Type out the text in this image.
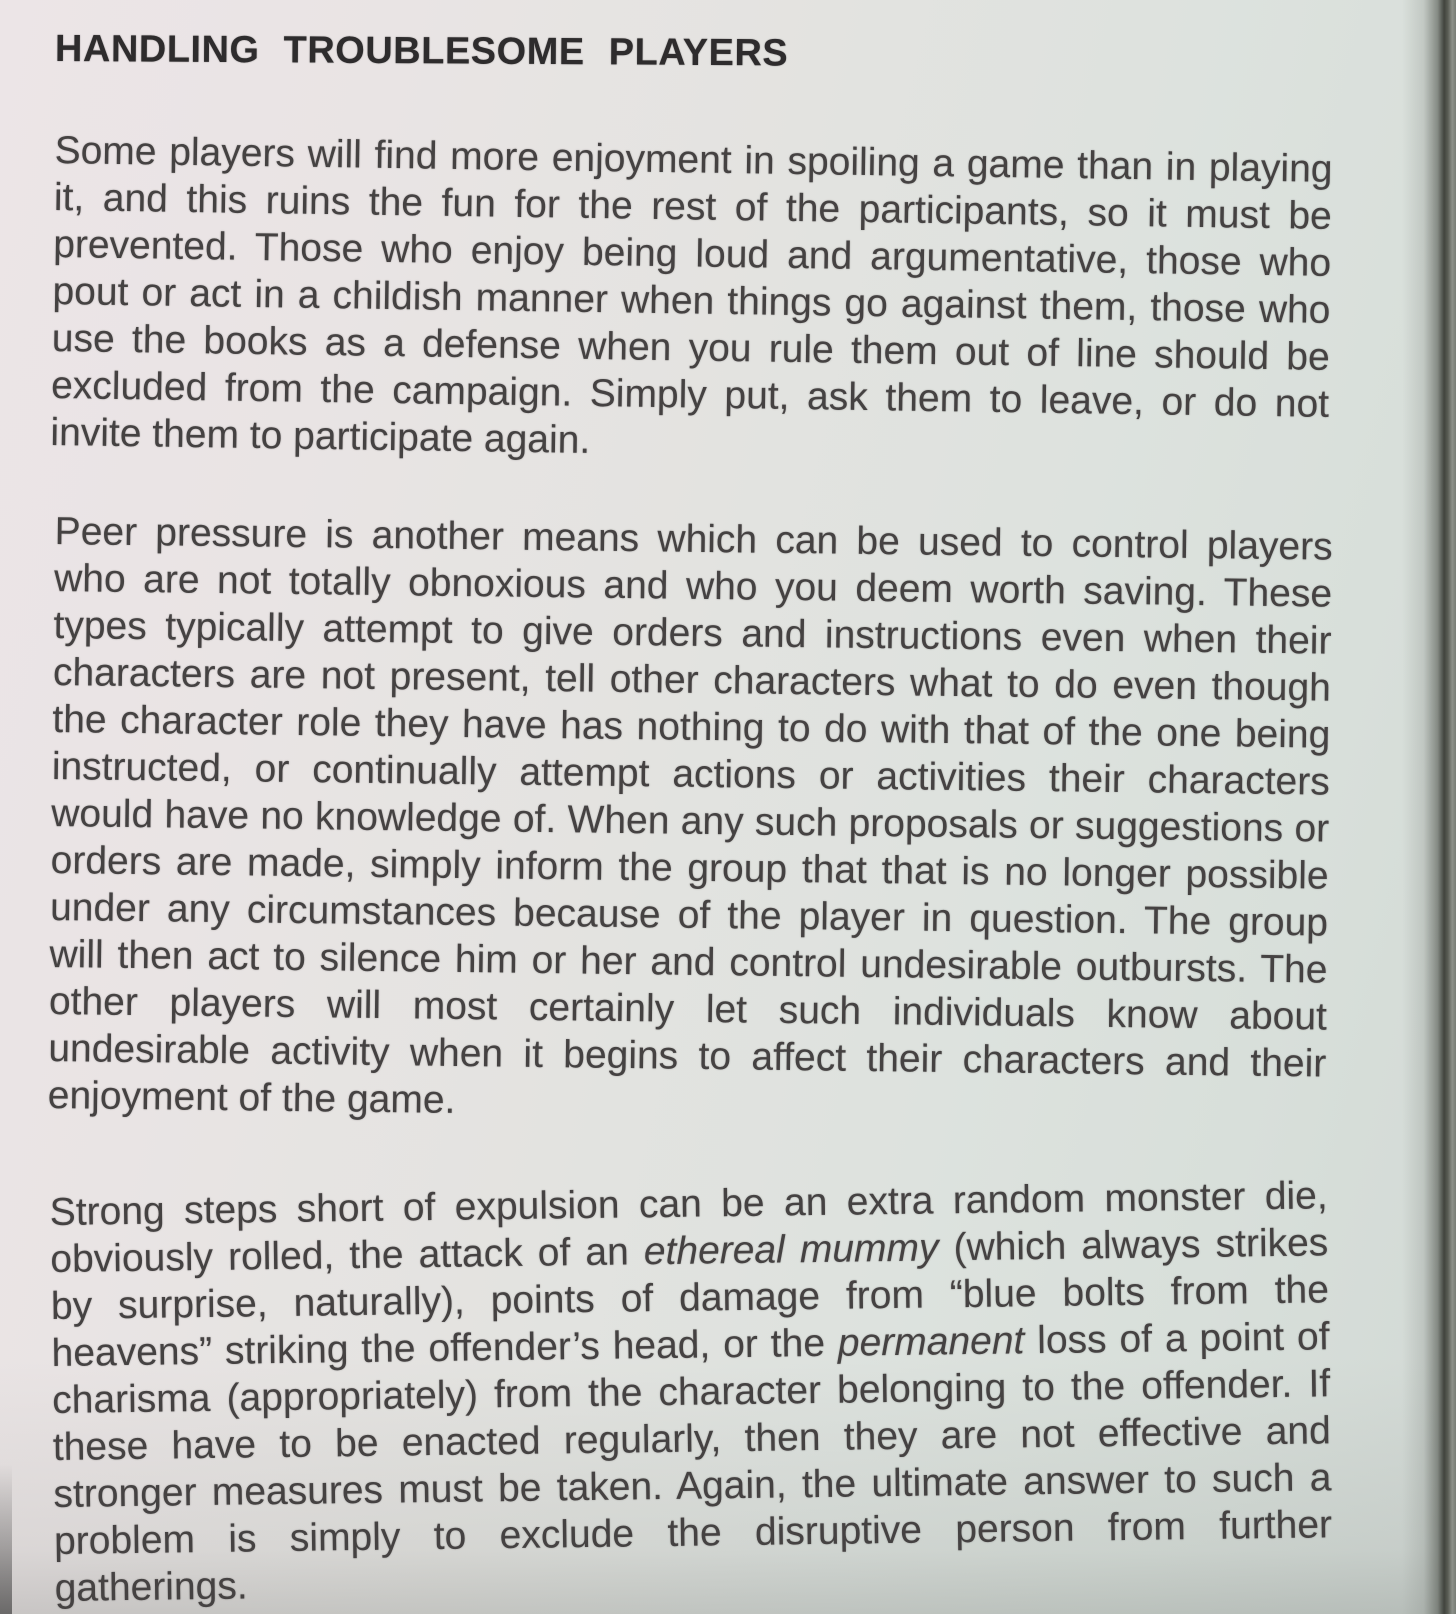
HANDLING TROUBLESOME PLAYERS

Some players will find more enjoyment in spoiling a game than in playing it, and this ruins the fun for the rest of the participants, so it must be prevented. Those who enjoy being loud and argumentative, those who pout or act in a childish manner when things go against them, those who use the books as a defense when you rule them out of line should be excluded from the campaign. Simply put, ask them to leave, or do not invite them to participate again.

Peer pressure is another means which can be used to control players who are not totally obnoxious and who you deem worth saving. These types typically attempt to give orders and instructions even when their characters are not present, tell other characters what to do even though the character role they have has nothing to do with that of the one being instructed, or continually attempt actions or activities their characters would have no knowledge of. When any such proposals or suggestions or orders are made, simply inform the group that that is no longer possible under any circumstances because of the player in question. The group will then act to silence him or her and control undesirable outbursts. The other players will most certainly let such individuals know about undesirable activity when it begins to affect their characters and their enjoyment of the game.

Strong steps short of expulsion can be an extra random monster die, obviously rolled, the attack of an ethereal mummy (which always strikes by surprise, naturally), points of damage from “blue bolts from the heavens” striking the offender’s head, or the permanent loss of a point of charisma (appropriately) from the character belonging to the offender. If these have to be enacted regularly, then they are not effective and stronger measures must be taken. Again, the ultimate answer to such a problem is simply to exclude the disruptive person from further gatherings.
